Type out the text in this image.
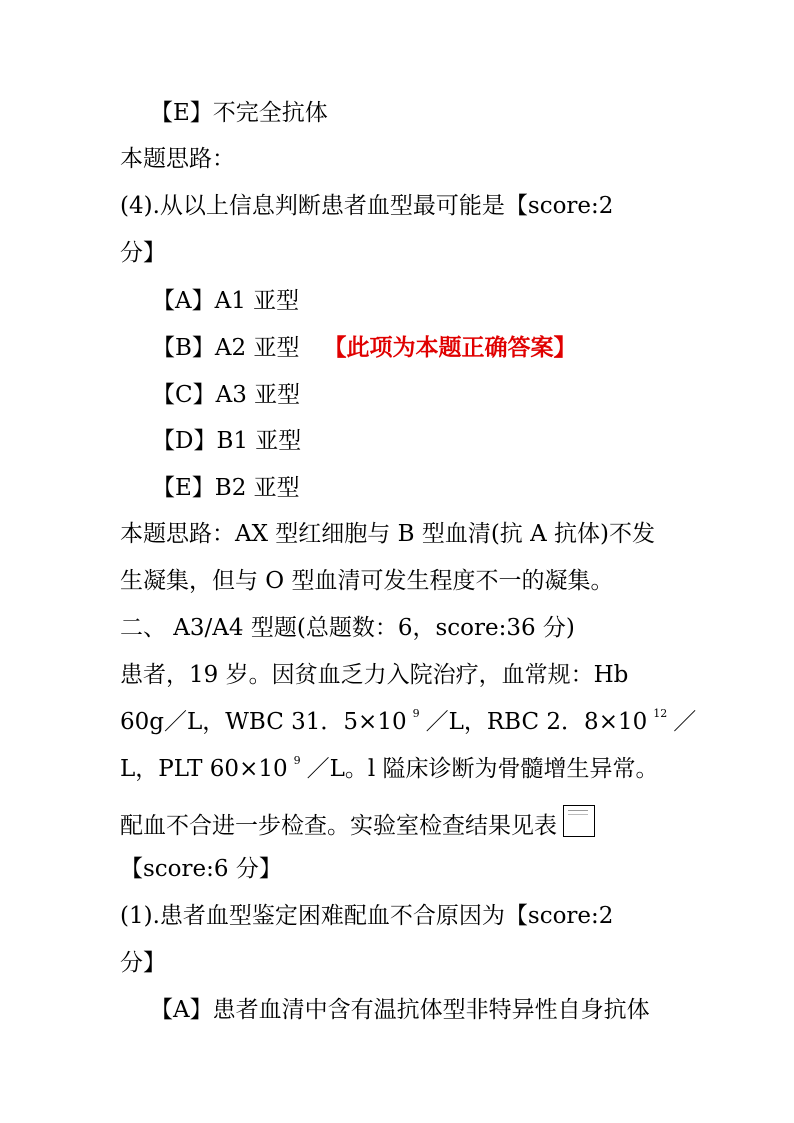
【E】不完全抗体
本题思路：
(4).从以上信息判断患者血型最可能是【score:2
分】
【A】A1 亚型
【B】A2 亚型 【此项为本题正确答案】
【C】A3 亚型
【D】B1 亚型
【E】B2 亚型
本题思路：AX 型红细胞与 B 型血清(抗 A 抗体)不发
生凝集，但与 O 型血清可发生程度不一的凝集。
二、 A3/A4 型题(总题数：6，score:36 分)
患者，19 岁。因贫血乏力入院治疗，血常规：Hb
60g／L，WBC 31．5×10 $^9$ ／L，RBC 2．8×10 $^{12}$ ／
L，PLT 60×10 $^9$ ／L。l 隘床诊断为骨髓增生异常。
配血不合进一步检查。实验室检查结果见表
【score:6 分】
(1).患者血型鉴定困难配血不合原因为【score:2
分】
【A】患者血清中含有温抗体型非特异性自身抗体
